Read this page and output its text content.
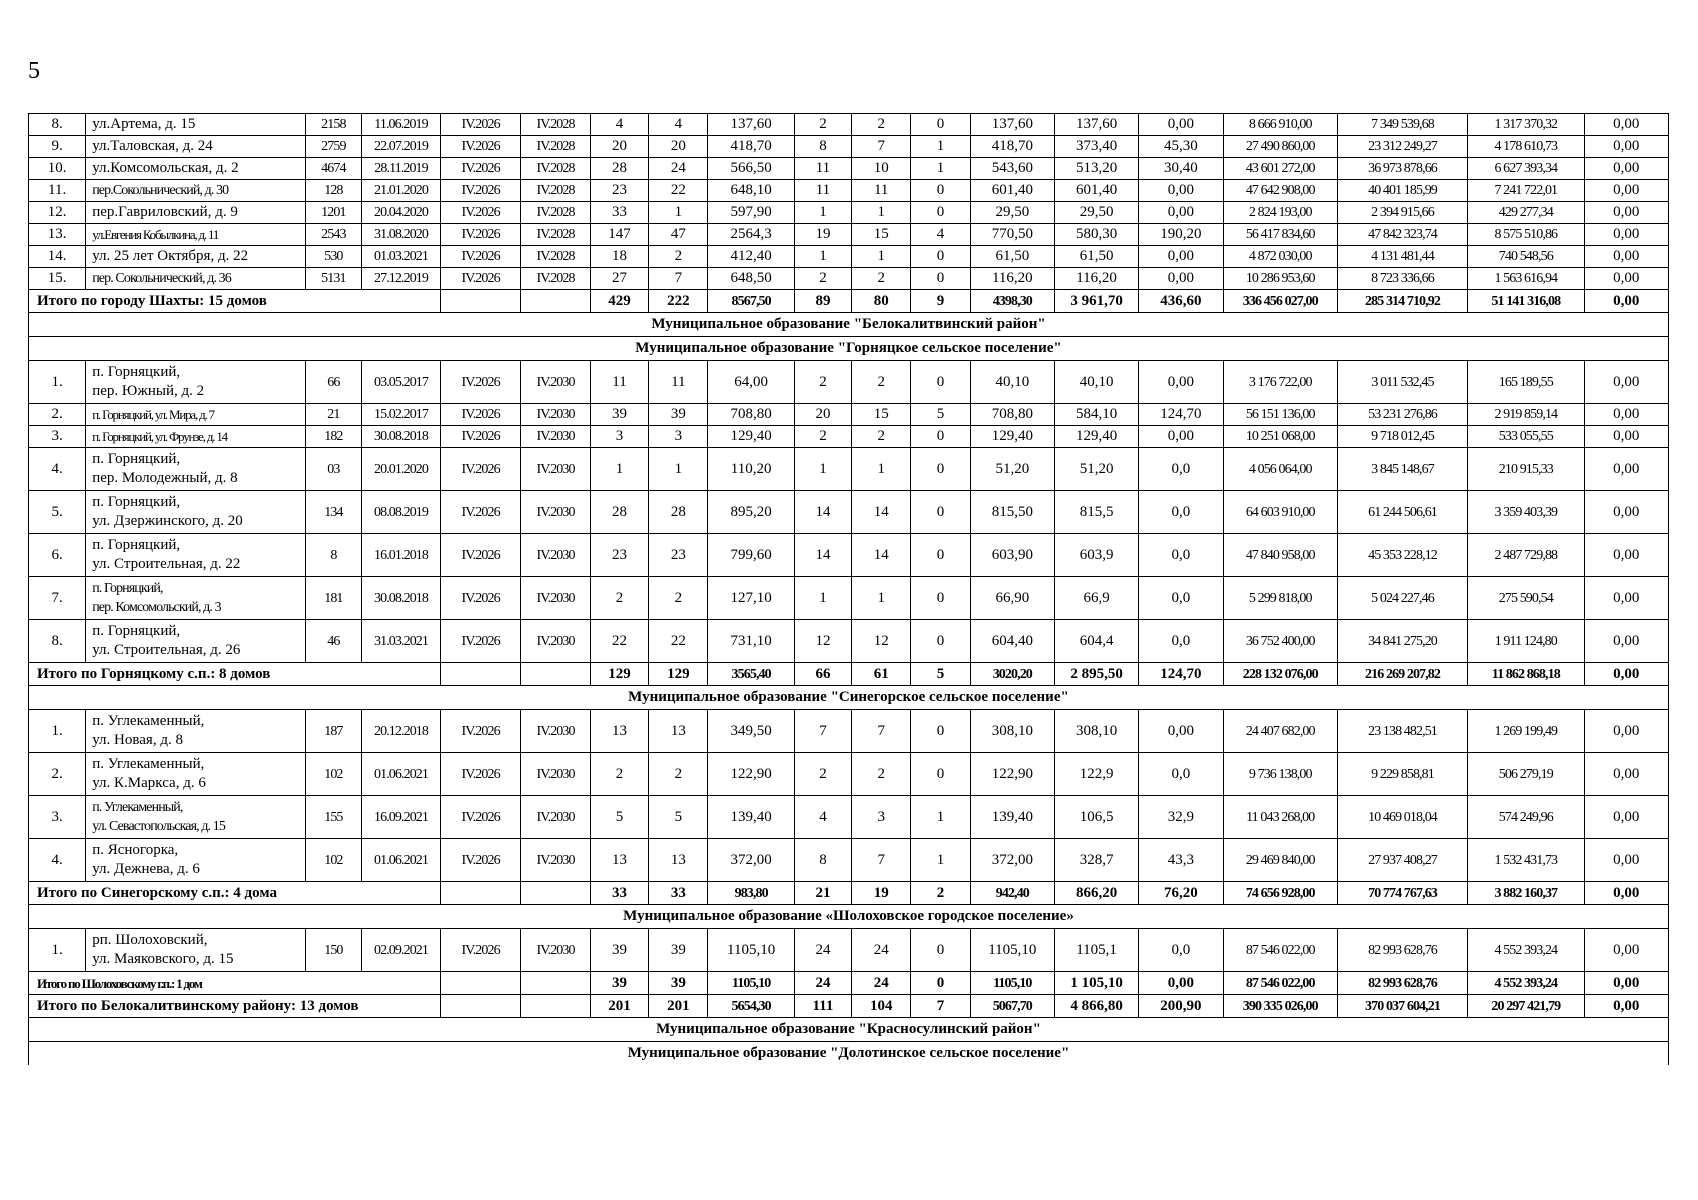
5
8.	ул.Артема, д. 15	2158	11.06.2019	IV.2026	IV.2028	4	4	137,60	2	2	0	137,60	137,60	0,00	8 666 910,00	7 349 539,68	1 317 370,32	0,00
9.	ул.Таловская, д. 24	2759	22.07.2019	IV.2026	IV.2028	20	20	418,70	8	7	1	418,70	373,40	45,30	27 490 860,00	23 312 249,27	4 178 610,73	0,00
10.	ул.Комсомольская, д. 2	4674	28.11.2019	IV.2026	IV.2028	28	24	566,50	11	10	1	543,60	513,20	30,40	43 601 272,00	36 973 878,66	6 627 393,34	0,00
11.	пер.Сокольнический, д. 30	128	21.01.2020	IV.2026	IV.2028	23	22	648,10	11	11	0	601,40	601,40	0,00	47 642 908,00	40 401 185,99	7 241 722,01	0,00
12.	пер.Гавриловский, д. 9	1201	20.04.2020	IV.2026	IV.2028	33	1	597,90	1	1	0	29,50	29,50	0,00	2 824 193,00	2 394 915,66	429 277,34	0,00
13.	ул.Евгения Кобылкина, д. 11	2543	31.08.2020	IV.2026	IV.2028	147	47	2564,3	19	15	4	770,50	580,30	190,20	56 417 834,60	47 842 323,74	8 575 510,86	0,00
14.	ул. 25 лет Октября, д. 22	530	01.03.2021	IV.2026	IV.2028	18	2	412,40	1	1	0	61,50	61,50	0,00	4 872 030,00	4 131 481,44	740 548,56	0,00
15.	пер. Сокольнический, д. 36	5131	27.12.2019	IV.2026	IV.2028	27	7	648,50	2	2	0	116,20	116,20	0,00	10 286 953,60	8 723 336,66	1 563 616,94	0,00
Итого по городу Шахты: 15 домов						429	222	8567,50	89	80	9	4398,30	3 961,70	436,60	336 456 027,00	285 314 710,92	51 141 316,08	0,00
Муниципальное образование "Белокалитвинский район"																		
Муниципальное образование "Горняцкое сельское поселение"																		
1.	п. Горняцкий,
пер. Южный, д. 2	66	03.05.2017	IV.2026	IV.2030	11	11	64,00	2	2	0	40,10	40,10	0,00	3 176 722,00	3 011 532,45	165 189,55	0,00
2.	п. Горняцкий, ул. Мира, д. 7	21	15.02.2017	IV.2026	IV.2030	39	39	708,80	20	15	5	708,80	584,10	124,70	56 151 136,00	53 231 276,86	2 919 859,14	0,00
3.	п. Горняцкий, ул. Фрунзе, д. 14	182	30.08.2018	IV.2026	IV.2030	3	3	129,40	2	2	0	129,40	129,40	0,00	10 251 068,00	9 718 012,45	533 055,55	0,00
4.	п. Горняцкий,
пер. Молодежный, д. 8	03	20.01.2020	IV.2026	IV.2030	1	1	110,20	1	1	0	51,20	51,20	0,0	4 056 064,00	3 845 148,67	210 915,33	0,00
5.	п. Горняцкий,
ул. Дзержинского, д. 20	134	08.08.2019	IV.2026	IV.2030	28	28	895,20	14	14	0	815,50	815,5	0,0	64 603 910,00	61 244 506,61	3 359 403,39	0,00
6.	п. Горняцкий,
ул. Строительная, д. 22	8	16.01.2018	IV.2026	IV.2030	23	23	799,60	14	14	0	603,90	603,9	0,0	47 840 958,00	45 353 228,12	2 487 729,88	0,00
7.	п. Горняцкий,
пер. Комсомольский, д. 3	181	30.08.2018	IV.2026	IV.2030	2	2	127,10	1	1	0	66,90	66,9	0,0	5 299 818,00	5 024 227,46	275 590,54	0,00
8.	п. Горняцкий,
ул. Строительная, д. 26	46	31.03.2021	IV.2026	IV.2030	22	22	731,10	12	12	0	604,40	604,4	0,0	36 752 400,00	34 841 275,20	1 911 124,80	0,00
Итого по Горняцкому с.п.: 8 домов						129	129	3565,40	66	61	5	3020,20	2 895,50	124,70	228 132 076,00	216 269 207,82	11 862 868,18	0,00
Муниципальное образование "Синегорское сельское поселение"																		
1.	п. Углекаменный,
ул. Новая, д. 8	187	20.12.2018	IV.2026	IV.2030	13	13	349,50	7	7	0	308,10	308,10	0,00	24 407 682,00	23 138 482,51	1 269 199,49	0,00
2.	п. Углекаменный,
ул. К.Маркса, д. 6	102	01.06.2021	IV.2026	IV.2030	2	2	122,90	2	2	0	122,90	122,9	0,0	9 736 138,00	9 229 858,81	506 279,19	0,00
3.	п. Углекаменный,
ул. Севастопольская, д. 15	155	16.09.2021	IV.2026	IV.2030	5	5	139,40	4	3	1	139,40	106,5	32,9	11 043 268,00	10 469 018,04	574 249,96	0,00
4.	п. Ясногорка,
ул. Дежнева, д. 6	102	01.06.2021	IV.2026	IV.2030	13	13	372,00	8	7	1	372,00	328,7	43,3	29 469 840,00	27 937 408,27	1 532 431,73	0,00
Итого по Синегорскому с.п.: 4 дома						33	33	983,80	21	19	2	942,40	866,20	76,20	74 656 928,00	70 774 767,63	3 882 160,37	0,00
Муниципальное образование «Шолоховское городское поселение»																		
1.	рп. Шолоховский,
ул. Маяковского, д. 15	150	02.09.2021	IV.2026	IV.2030	39	39	1105,10	24	24	0	1105,10	1105,1	0,0	87 546 022,00	82 993 628,76	4 552 393,24	0,00
Итого по Шолоховскому г.п.: 1 дом						39	39	1105,10	24	24	0	1105,10	1 105,10	0,00	87 546 022,00	82 993 628,76	4 552 393,24	0,00
Итого по Белокалитвинскому району: 13 домов						201	201	5654,30	111	104	7	5067,70	4 866,80	200,90	390 335 026,00	370 037 604,21	20 297 421,79	0,00
Муниципальное образование "Красносулинский район"																		
Муниципальное образование "Долотинское сельское поселение"																		
